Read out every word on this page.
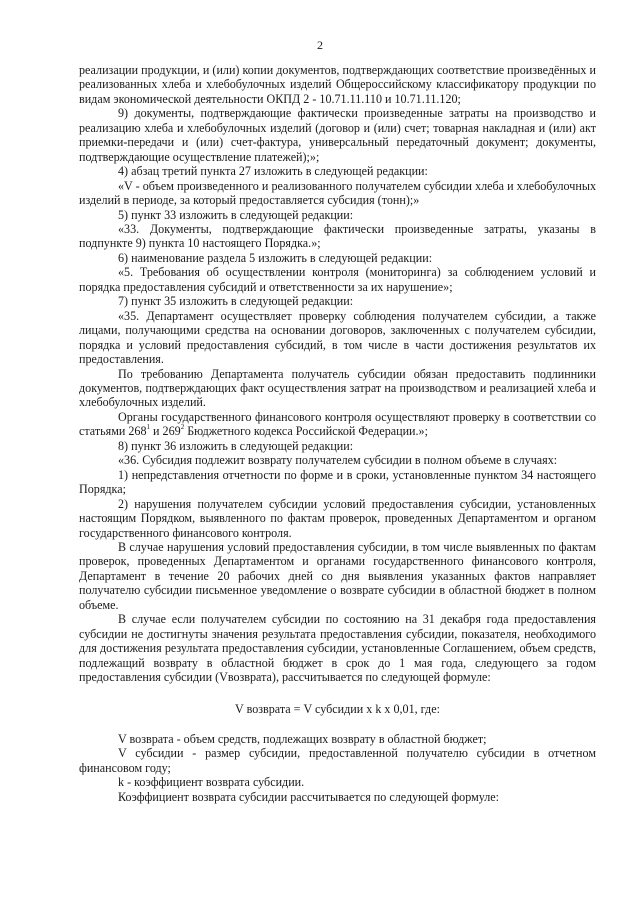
2

реализации продукции, и (или) копии документов, подтверждающих соответствие произведённых и реализованных хлеба и хлебобулочных изделий Общероссийскому классификатору продукции по видам экономической деятельности ОКПД 2 - 10.71.11.110 и 10.71.11.120;

9) документы, подтверждающие фактически произведенные затраты на производство и реализацию хлеба и хлебобулочных изделий (договор и (или) счет; товарная накладная и (или) акт приемки-передачи и (или) счет-фактура, универсальный передаточный документ; документы, подтверждающие осуществление платежей);»;

4) абзац третий пункта 27 изложить в следующей редакции:

«V - объем произведенного и реализованного получателем субсидии хлеба и хлебобулочных изделий в периоде, за который предоставляется субсидия (тонн);»

5) пункт 33 изложить в следующей редакции:

«33. Документы, подтверждающие фактически произведенные затраты, указаны в подпункте 9) пункта 10 настоящего Порядка.»;

6) наименование раздела 5 изложить в следующей редакции:

«5. Требования об осуществлении контроля (мониторинга) за соблюдением условий и порядка предоставления субсидий и ответственности за их нарушение»;

7) пункт 35 изложить в следующей редакции:

«35. Департамент осуществляет проверку соблюдения получателем субсидии, а также лицами, получающими средства на основании договоров, заключенных с получателем субсидии, порядка и условий предоставления субсидий, в том числе в части достижения результатов их предоставления.

По требованию Департамента получатель субсидии обязан предоставить подлинники документов, подтверждающих факт осуществления затрат на производством и реализацией хлеба и хлебобулочных изделий.

Органы государственного финансового контроля осуществляют проверку в соответствии со статьями $268^1$ и $269^2$ Бюджетного кодекса Российской Федерации.»;

8) пункт 36 изложить в следующей редакции:

«36. Субсидия подлежит возврату получателем субсидии в полном объеме в случаях:

1) непредставления отчетности по форме и в сроки, установленные пунктом 34 настоящего Порядка;

2) нарушения получателем субсидии условий предоставления субсидии, установленных настоящим Порядком, выявленного по фактам проверок, проведенных Департаментом и органом государственного финансового контроля.

В случае нарушения условий предоставления субсидии, в том числе выявленных по фактам проверок, проведенных Департаментом и органами государственного финансового контроля, Департамент в течение 20 рабочих дней со дня выявления указанных фактов направляет получателю субсидии письменное уведомление о возврате субсидии в областной бюджет в полном объеме.

В случае если получателем субсидии по состоянию на 31 декабря года предоставления субсидии не достигнуты значения результата предоставления субсидии, показателя, необходимого для достижения результата предоставления субсидии, установленные Соглашением, объем средств, подлежащий возврату в областной бюджет в срок до 1 мая года, следующего за годом предоставления субсидии (Vвозврата), рассчитывается по следующей формуле:

V возврата = V субсидии x k x 0,01, где:

V возврата - объем средств, подлежащих возврату в областной бюджет;

V субсидии - размер субсидии, предоставленной получателю субсидии в отчетном финансовом году;

k - коэффициент возврата субсидии.

Коэффициент возврата субсидии рассчитывается по следующей формуле:
